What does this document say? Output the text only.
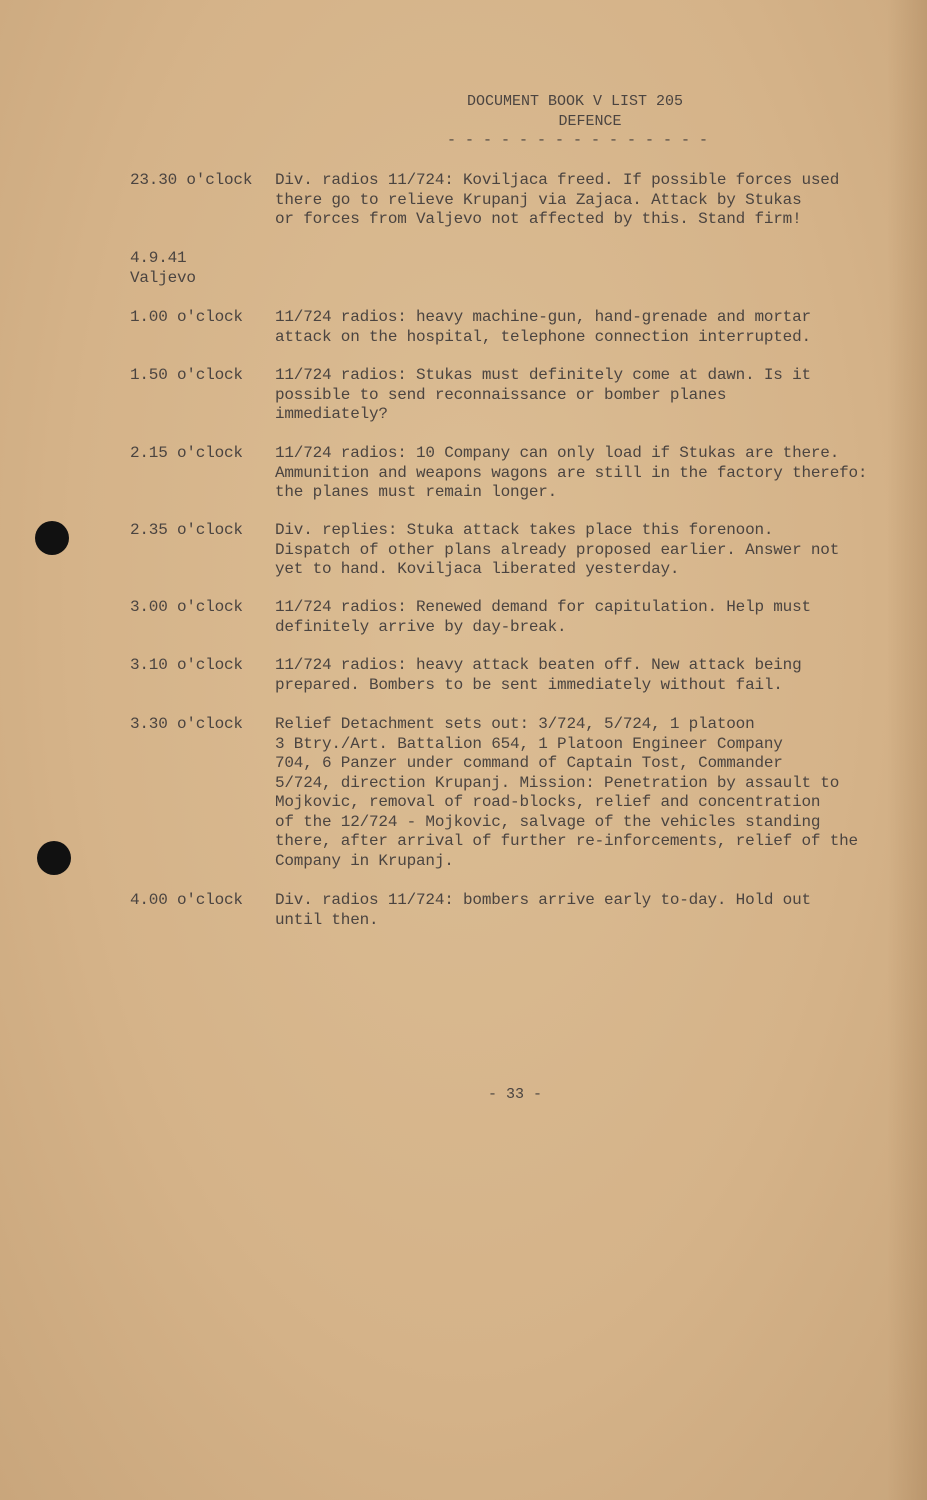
DOCUMENT BOOK V LIST 205
DEFENCE
- - - - - - - - - - - - - - -
23.30 o'clock Div. radios 11/724: Koviljaca freed. If possible forces used
there go to relieve Krupanj via Zajaca. Attack by Stukas
or forces from Valjevo not affected by this. Stand firm!
4.9.41
Valjevo
1.00 o'clock 11/724 radios: heavy machine-gun, hand-grenade and mortar
attack on the hospital, telephone connection interrupted.
1.50 o'clock 11/724 radios: Stukas must definitely come at dawn. Is it
possible to send reconnaissance or bomber planes
immediately?
2.15 o'clock 11/724 radios: 10 Company can only load if Stukas are there.
Ammunition and weapons wagons are still in the factory therefo:
the planes must remain longer.
2.35 o'clock Div. replies: Stuka attack takes place this forenoon.
Dispatch of other plans already proposed earlier. Answer not
yet to hand. Koviljaca liberated yesterday.
3.00 o'clock 11/724 radios: Renewed demand for capitulation. Help must
definitely arrive by day-break.
3.10 o'clock 11/724 radios: heavy attack beaten off. New attack being
prepared. Bombers to be sent immediately without fail.
3.30 o'clock Relief Detachment sets out: 3/724, 5/724, 1 platoon
3 Btry./Art. Battalion 654, 1 Platoon Engineer Company
704, 6 Panzer under command of Captain Tost, Commander
5/724, direction Krupanj. Mission: Penetration by assault to
Mojkovic, removal of road-blocks, relief and concentration
of the 12/724 - Mojkovic, salvage of the vehicles standing
there, after arrival of further re-inforcements, relief of the
Company in Krupanj.
4.00 o'clock Div. radios 11/724: bombers arrive early to-day. Hold out
until then.
- 33 -
